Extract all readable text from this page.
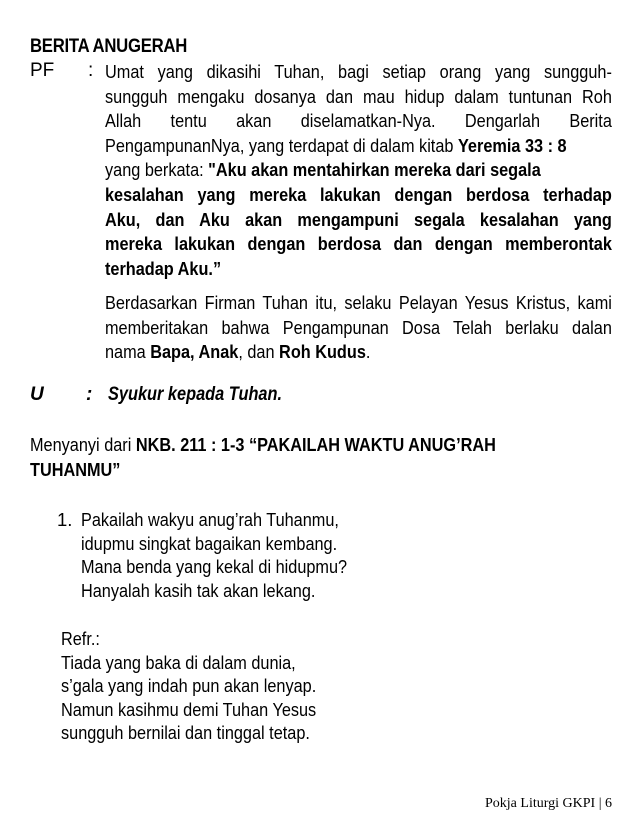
BERITA ANUGERAH
PF : Umat yang dikasihi Tuhan, bagi setiap orang yang sungguh-
sungguh mengaku dosanya dan mau hidup dalam tuntunan Roh
Allah tentu akan diselamatkan-Nya. Dengarlah Berita
PengampunanNya, yang terdapat di dalam kitab Yeremia 33 : 8
yang berkata: "Aku akan mentahirkan mereka dari segala
kesalahan yang mereka lakukan dengan berdosa terhadap
Aku, dan Aku akan mengampuni segala kesalahan yang
mereka lakukan dengan berdosa dan dengan memberontak
terhadap Aku.”
Berdasarkan Firman Tuhan itu, selaku Pelayan Yesus Kristus, kami
memberitakan bahwa Pengampunan Dosa Telah berlaku dalan
nama Bapa, Anak, dan Roh Kudus.
U : Syukur kepada Tuhan.
Menyanyi dari NKB. 211 : 1-3 “PAKAILAH WAKTU ANUG’RAH
TUHANMU”
1. Pakailah wakyu anug’rah Tuhanmu,
idupmu singkat bagaikan kembang.
Mana benda yang kekal di hidupmu?
Hanyalah kasih tak akan lekang.
Refr.:
Tiada yang baka di dalam dunia,
s’gala yang indah pun akan lenyap.
Namun kasihmu demi Tuhan Yesus
sungguh bernilai dan tinggal tetap.
Pokja Liturgi GKPI | 6
